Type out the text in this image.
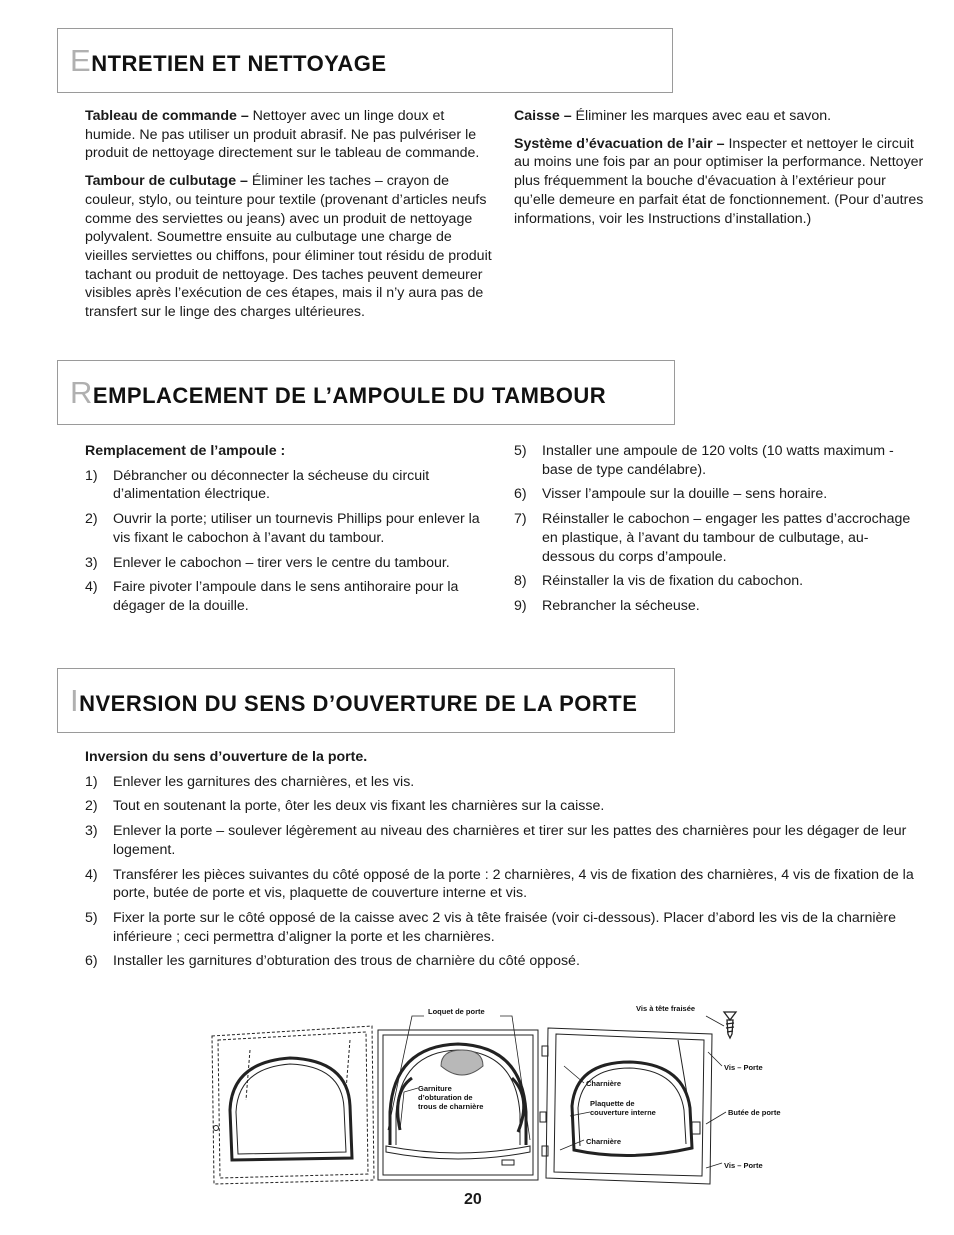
ENTRETIEN ET NETTOYAGE

Tableau de commande – Nettoyer avec un linge doux et humide. Ne pas utiliser un produit abrasif. Ne pas pulvériser le produit de nettoyage directement sur le tableau de commande.

Tambour de culbutage – Éliminer les taches – crayon de couleur, stylo, ou teinture pour textile (provenant d’articles neufs comme des serviettes ou jeans) avec un produit de nettoyage polyvalent. Soumettre ensuite au culbutage une charge de vieilles serviettes ou chiffons, pour éliminer tout résidu de produit tachant ou produit de nettoyage. Des taches peuvent demeurer visibles après l’exécution de ces étapes, mais il n’y aura pas de transfert sur le linge des charges ultérieures.

Caisse – Éliminer les marques avec eau et savon.

Système d’évacuation de l’air – Inspecter et nettoyer le circuit au moins une fois par an pour optimiser la performance. Nettoyer plus fréquemment la bouche d'évacuation à l’extérieur pour qu’elle demeure en parfait état de fonctionnement. (Pour d’autres informations, voir les Instructions d’installation.)

REMPLACEMENT DE L’AMPOULE DU TAMBOUR
Remplacement de l’ampoule :
1) Débrancher ou déconnecter la sécheuse du circuit d’alimentation électrique.
2) Ouvrir la porte; utiliser un tournevis Phillips pour enlever la vis fixant le cabochon à l’avant du tambour.
3) Enlever le cabochon – tirer vers le centre du tambour.
4) Faire pivoter l’ampoule dans le sens antihoraire pour la dégager de la douille.
5) Installer une ampoule de 120 volts (10 watts maximum - base de type candélabre).
6) Visser l’ampoule sur la douille – sens horaire.
7) Réinstaller le cabochon – engager les pattes d’accrochage en plastique, à l’avant du tambour de culbutage, au-dessous du corps d’ampoule.
8) Réinstaller la vis de fixation du cabochon.
9) Rebrancher la sécheuse.
INVERSION DU SENS D’OUVERTURE DE LA PORTE
Inversion du sens d’ouverture de la porte.
1) Enlever les garnitures des charnières, et les vis.
2) Tout en soutenant la porte, ôter les deux vis fixant les charnières sur la caisse.
3) Enlever la porte – soulever légèrement au niveau des charnières et tirer sur les pattes des charnières pour les dégager de leur logement.
4) Transférer les pièces suivantes du côté opposé de la porte : 2 charnières, 4 vis de fixation des charnières, 4 vis de fixation de la porte, butée de porte et vis, plaquette de couverture interne et vis.
5) Fixer la porte sur le côté opposé de la caisse avec 2 vis à tête fraisée (voir ci-dessous). Placer d’abord les vis de la charnière inférieure ; ceci permettra d’aligner la porte et les charnières.
6) Installer les garnitures d’obturation des trous de charnière du côté opposé.
Loquet de porte	Vis à tête fraisée
Garniture d’obturation de trous de charnière
Charnière
Plaquette de couverture interne
Charnière
Vis – Porte
Butée de porte
Vis – Porte
20
